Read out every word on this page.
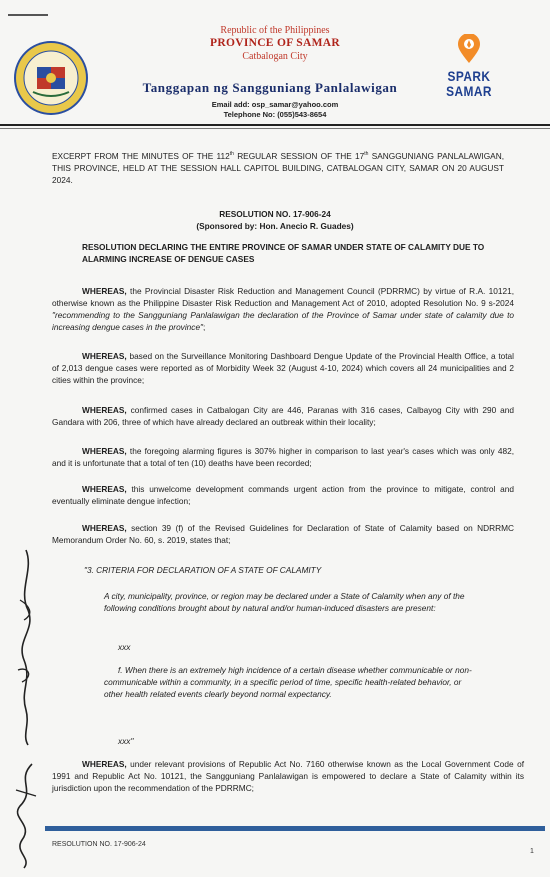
SPARK
SAMAR
Republic of the Philippines
PROVINCE OF SAMAR
Catbalogan City
Tanggapan ng Sangguniang Panlalawigan
Email add: osp_samar@yahoo.com
Telephone No: (055)543-8654
EXCERPT FROM THE MINUTES OF THE 112th REGULAR SESSION OF THE 17th SANGGUNIANG PANLALAWIGAN, THIS PROVINCE, HELD AT THE SESSION HALL CAPITOL BUILDING, CATBALOGAN CITY, SAMAR ON 20 AUGUST 2024.
RESOLUTION NO. 17-906-24
(Sponsored by: Hon. Anecio R. Guades)
RESOLUTION DECLARING THE ENTIRE PROVINCE OF SAMAR UNDER STATE OF CALAMITY DUE TO ALARMING INCREASE OF DENGUE CASES
WHEREAS, the Provincial Disaster Risk Reduction and Management Council (PDRRMC) by virtue of R.A. 10121, otherwise known as the Philippine Disaster Risk Reduction and Management Act of 2010, adopted Resolution No. 9 s-2024 "recommending to the Sangguniang Panlalawigan the declaration of the Province of Samar under state of calamity due to increasing dengue cases in the province";
WHEREAS, based on the Surveillance Monitoring Dashboard Dengue Update of the Provincial Health Office, a total of 2,013 dengue cases were reported as of Morbidity Week 32 (August 4-10, 2024) which covers all 24 municipalities and 2 cities within the province;
WHEREAS, confirmed cases in Catbalogan City are 446, Paranas with 316 cases, Calbayog City with 290 and Gandara with 206, three of which have already declared an outbreak within their locality;
WHEREAS, the foregoing alarming figures is 307% higher in comparison to last year's cases which was only 482, and it is unfortunate that a total of ten (10) deaths have been recorded;
WHEREAS, this unwelcome development commands urgent action from the province to mitigate, control and eventually eliminate dengue infection;
WHEREAS, section 39 (f) of the Revised Guidelines for Declaration of State of Calamity based on NDRRMC Memorandum Order No. 60, s. 2019, states that;
"3. CRITERIA FOR DECLARATION OF A STATE OF CALAMITY
A city, municipality, province, or region may be declared under a State of Calamity when any of the following conditions brought about by natural and/or human-induced disasters are present:
xxx
f. When there is an extremely high incidence of a certain disease whether communicable or non-communicable within a community, in a specific period of time, specific health-related behavior, or other health related events clearly beyond normal expectancy.
xxx"
WHEREAS, under relevant provisions of Republic Act No. 7160 otherwise known as the Local Government Code of 1991 and Republic Act No. 10121, the Sangguniang Panlalawigan is empowered to declare a State of Calamity within its jurisdiction upon the recommendation of the PDRRMC;
RESOLUTION NO. 17-906-24
1
